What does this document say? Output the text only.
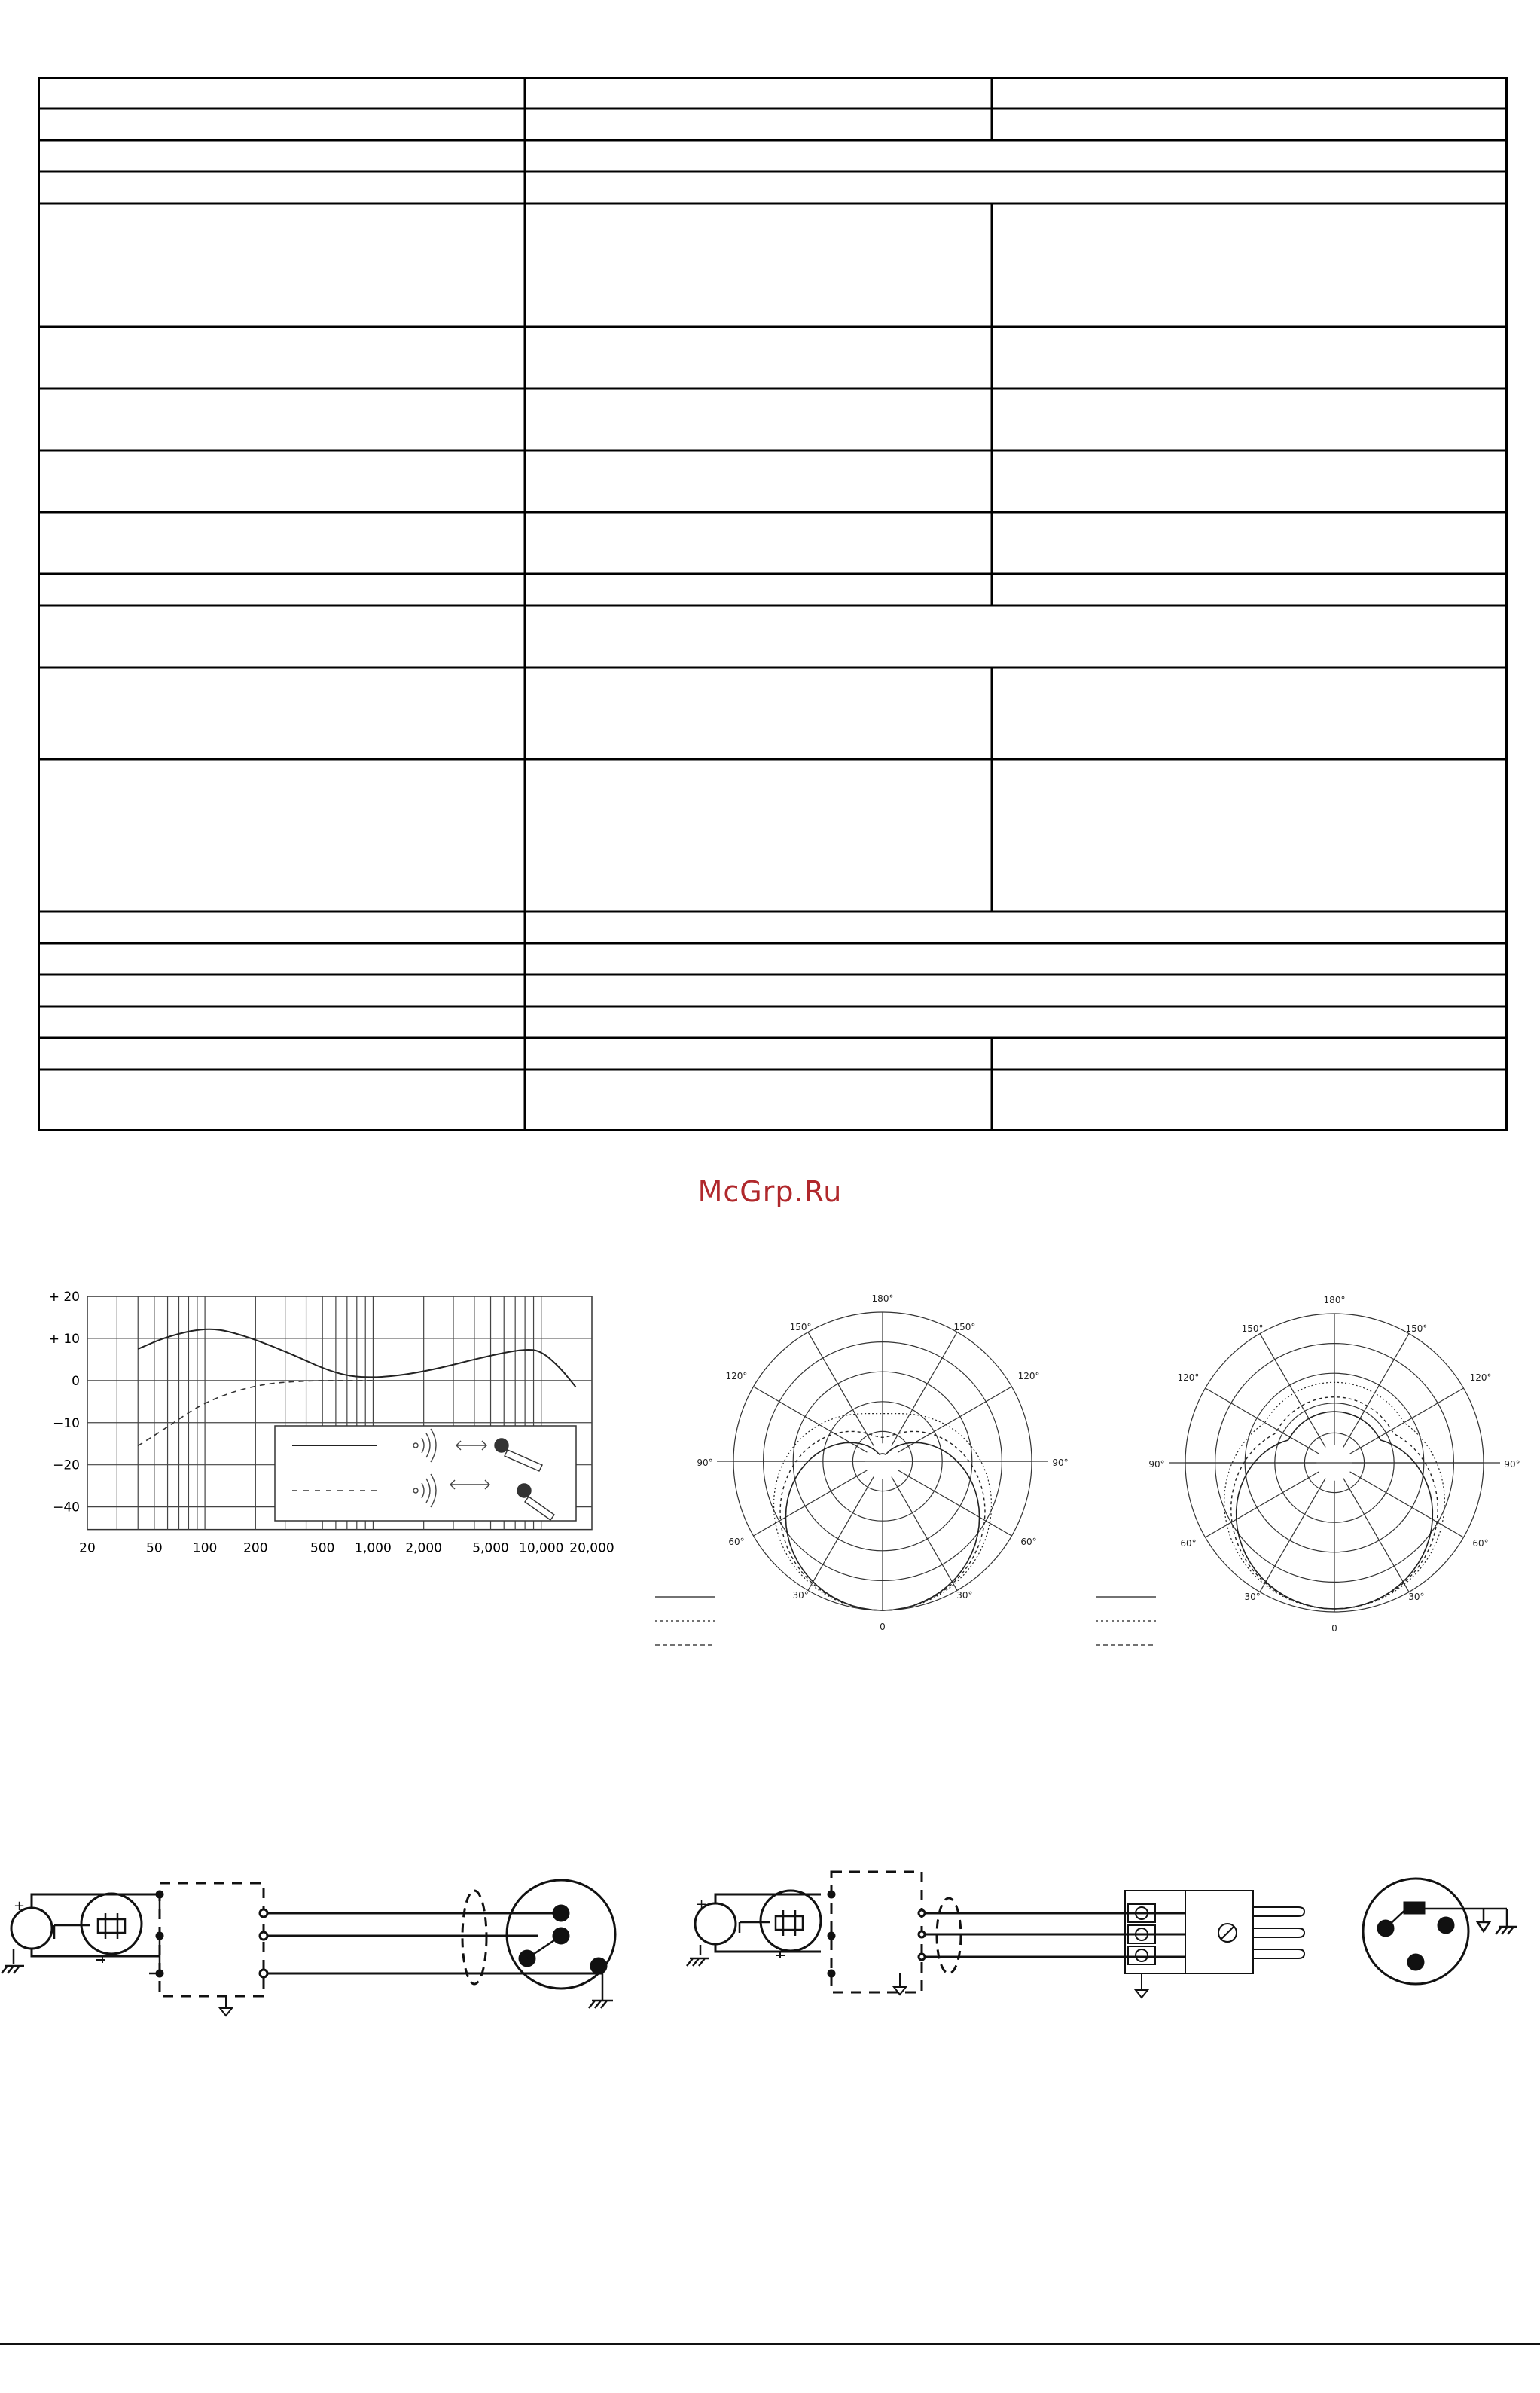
McGrp.Ru
+ 20
+ 10
0
−10
−20
−40
20	50 100 200	500 1,000 2,000 5,000 10,000 20,000
180°
150°	150°
120°	120°
90°	90°
60°	60°
30°	30°
0
180°
150°	150°
120°	120°
90°	90°
60°	60°
30°	30°
0
+	+
